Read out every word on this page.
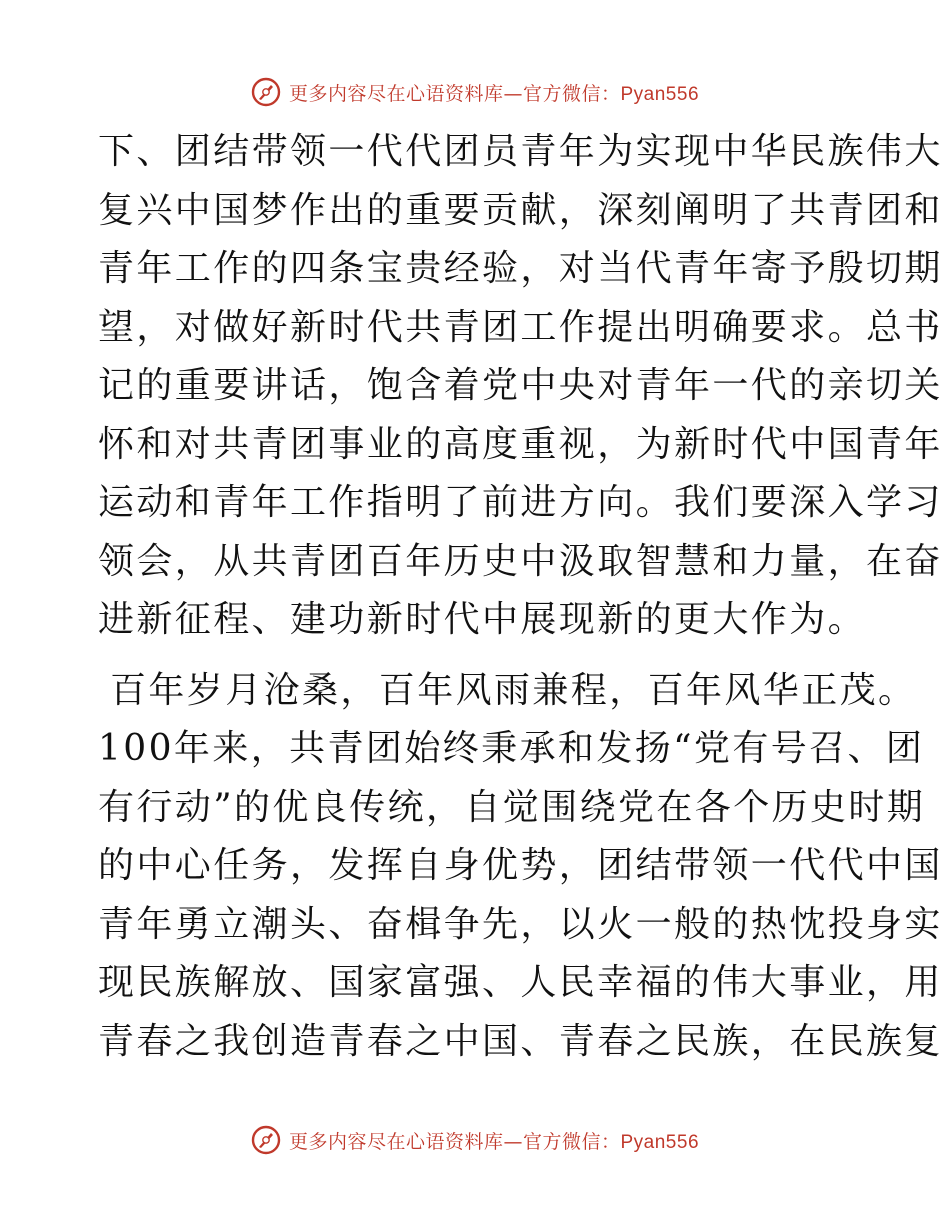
更多内容尽在心语资料库—官方微信：Pyan556
下、团结带领一代代团员青年为实现中华民族伟大
复兴中国梦作出的重要贡献，深刻阐明了共青团和
青年工作的四条宝贵经验，对当代青年寄予殷切期
望，对做好新时代共青团工作提出明确要求。总书
记的重要讲话，饱含着党中央对青年一代的亲切关
怀和对共青团事业的高度重视，为新时代中国青年
运动和青年工作指明了前进方向。我们要深入学习
领会，从共青团百年历史中汲取智慧和力量，在奋
进新征程、建功新时代中展现新的更大作为。
百年岁月沧桑，百年风雨兼程，百年风华正茂。
100年来，共青团始终秉承和发扬“党有号召、团
有行动”的优良传统，自觉围绕党在各个历史时期
的中心任务，发挥自身优势，团结带领一代代中国
青年勇立潮头、奋楫争先，以火一般的热忱投身实
现民族解放、国家富强、人民幸福的伟大事业，用
青春之我创造青春之中国、青春之民族，在民族复
更多内容尽在心语资料库—官方微信：Pyan556
